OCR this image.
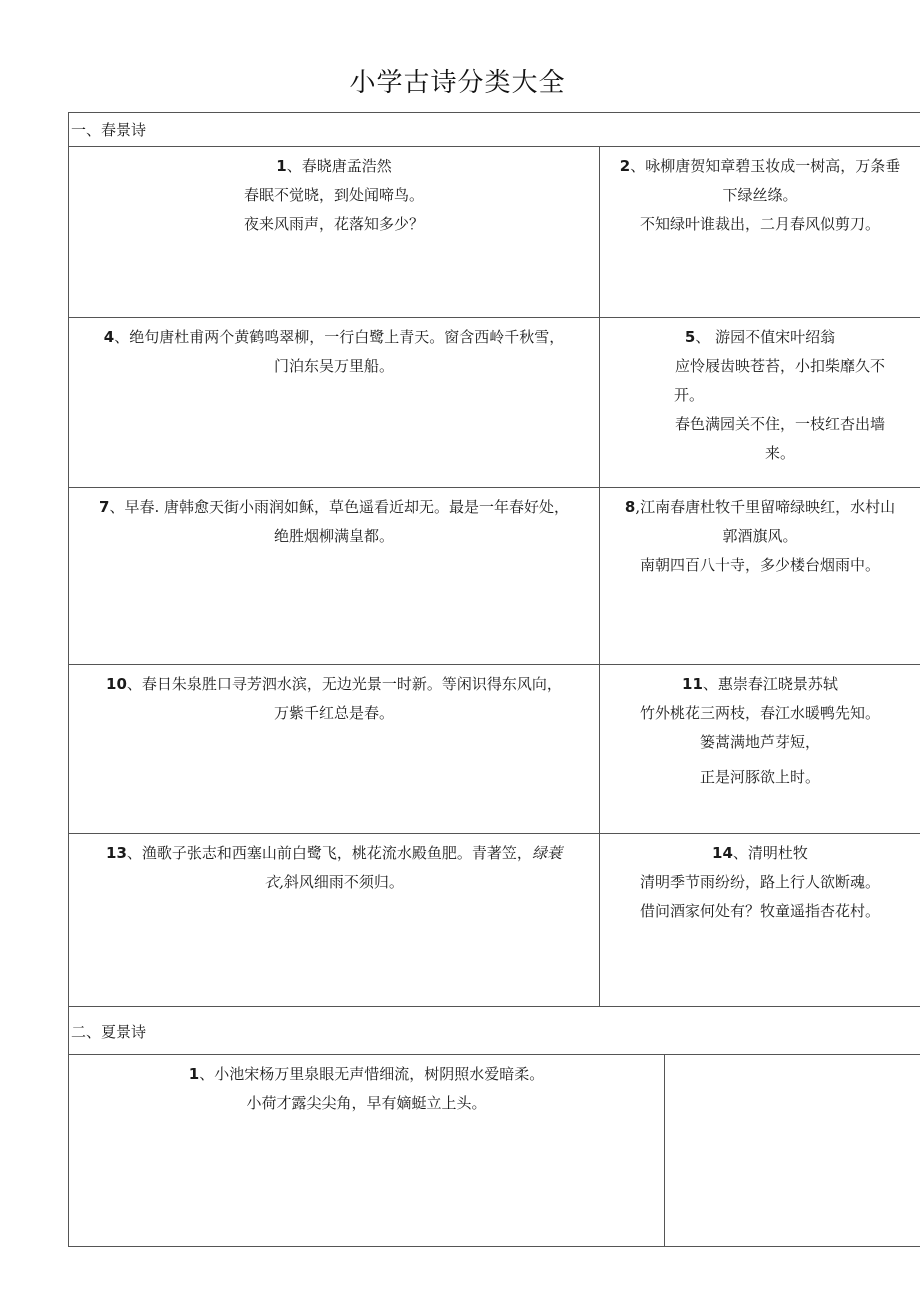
小学古诗分类大全
一、春景诗
1、春晓唐孟浩然
春眠不觉晓，到处闻啼鸟。
夜来风雨声，花落知多少？
2、咏柳唐贺知章碧玉妆成一树高，万条垂
下绿丝绦。
不知绿叶谁裁出，二月春风似剪刀。
4、绝句唐杜甫两个黄鹤鸣翠柳，一行白鹭上青天。窗含西岭千秋雪，
门泊东吴万里船。
5、 游园不值宋叶绍翁
应怜屐齿映苍苔，小扣柴靡久不
开。
春色满园关不住，一枝红杏出墙
来。
7、早春. 唐韩愈天街小雨润如稣，草色遥看近却无。最是一年春好处，
绝胜烟柳满皇都。
8,江南春唐杜牧千里留啼绿映红，水村山
郭酒旗风。
南朝四百八十寺，多少楼台烟雨中。
10、春日朱泉胜口寻芳泗水滨，无边光景一时新。等闲识得东风向，
万紫千红总是春。
11、惠崇春江晓景苏轼
竹外桃花三两枝，春江水暖鸭先知。
篓蒿满地芦芽短，
正是河豚欲上时。
13、渔歌子张志和西塞山前白鹭飞，桃花流水殿鱼肥。青著笠，绿蓑
衣,斜风细雨不须归。
14、清明杜牧
清明季节雨纷纷，路上行人欲断魂。
借问酒家何处有？牧童遥指杏花村。
二、夏景诗
1、小池宋杨万里泉眼无声惜细流，树阴照水爱暗柔。
小荷才露尖尖角，早有嫡蜓立上头。
